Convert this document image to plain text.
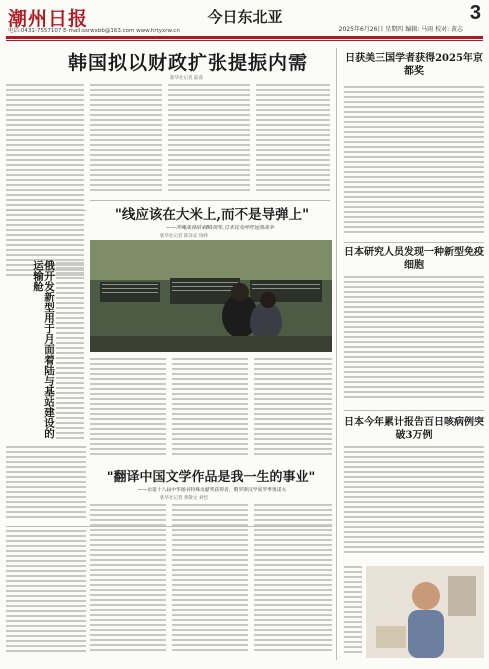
潮州日报
电话:0431-7557107 E-mail:ssrwxbb@163.com www.hrtyxrw.cn
今日东北亚
2025年6月26日 星期四 编辑: 马雨 校对: 黄志
3
韩国拟以财政扩张提振内需
新华社记者 陆睿
俄开发新型用于月面着陆与基站建设的运输舱
日获美三国学者获得2025年京都奖
日本研究人员发现一种新型免疫细胞
日本今年累计报告百日咳病例突破3万例
"线应该在大米上,而不是导弹上"
——冲绳战役结束80周年,日本民众呼吁远离战争
新华社记者 陈泽安 钱峥
"翻译中国文学作品是我一生的事业"
——访第十八届中华图书特殊贡献奖获得者、俄罗斯汉学家罗季奥诺夫
新华社记者 黄敬文 刘恺
